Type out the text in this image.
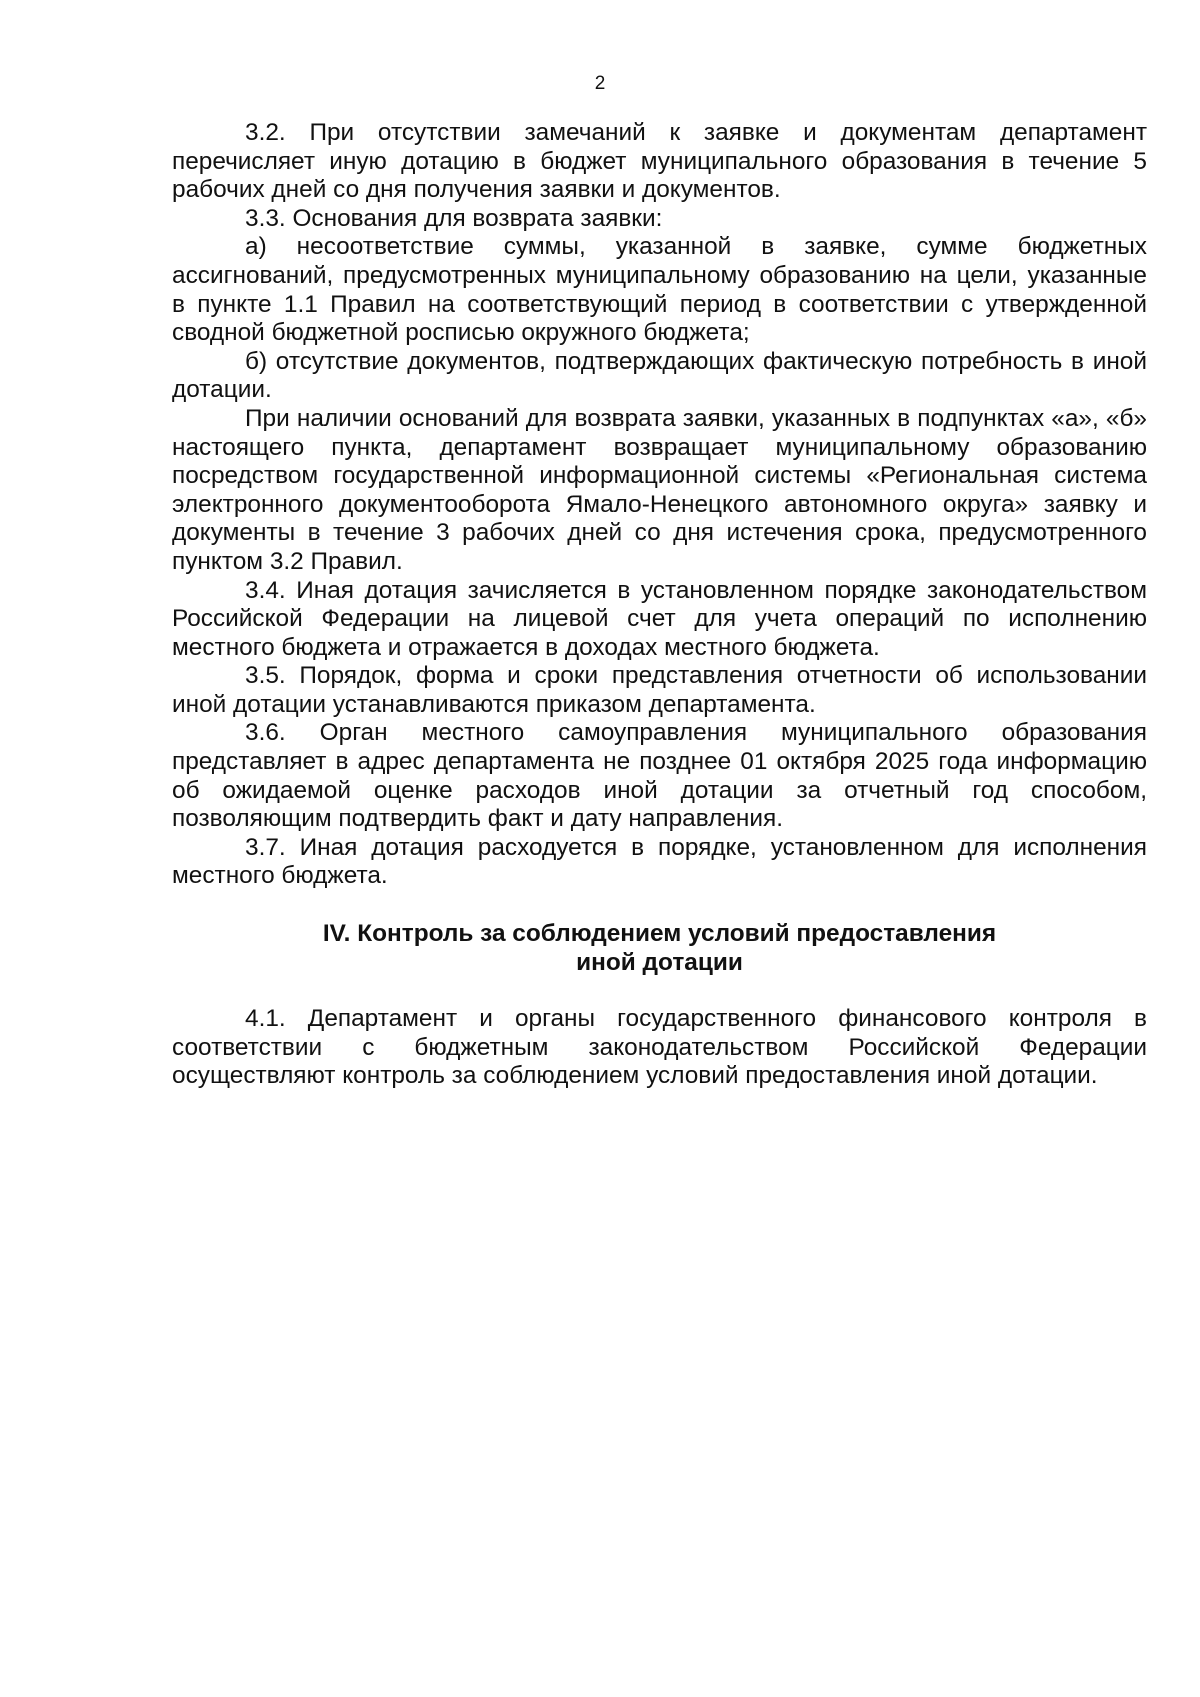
2

3.2. При отсутствии замечаний к заявке и документам департамент перечисляет иную дотацию в бюджет муниципального образования в течение 5 рабочих дней со дня получения заявки и документов.

3.3. Основания для возврата заявки:

а) несоответствие суммы, указанной в заявке, сумме бюджетных ассигнований, предусмотренных муниципальному образованию на цели, указанные в пункте 1.1 Правил на соответствующий период в соответствии с утвержденной сводной бюджетной росписью окружного бюджета;

б) отсутствие документов, подтверждающих фактическую потребность в иной дотации.

При наличии оснований для возврата заявки, указанных в подпунктах «а», «б» настоящего пункта, департамент возвращает муниципальному образованию посредством государственной информационной системы «Региональная система электронного документооборота Ямало-Ненецкого автономного округа» заявку и документы в течение 3 рабочих дней со дня истечения срока, предусмотренного пунктом 3.2 Правил.

3.4. Иная дотация зачисляется в установленном порядке законодательством Российской Федерации на лицевой счет для учета операций по исполнению местного бюджета и отражается в доходах местного бюджета.

3.5. Порядок, форма и сроки представления отчетности об использовании иной дотации устанавливаются приказом департамента.

3.6. Орган местного самоуправления муниципального образования представляет в адрес департамента не позднее 01 октября 2025 года информацию об ожидаемой оценке расходов иной дотации за отчетный год способом, позволяющим подтвердить факт и дату направления.

3.7. Иная дотация расходуется в порядке, установленном для исполнения местного бюджета.

IV. Контроль за соблюдением условий предоставления
иной дотации

4.1. Департамент и органы государственного финансового контроля в соответствии с бюджетным законодательством Российской Федерации осуществляют контроль за соблюдением условий предоставления иной дотации.
